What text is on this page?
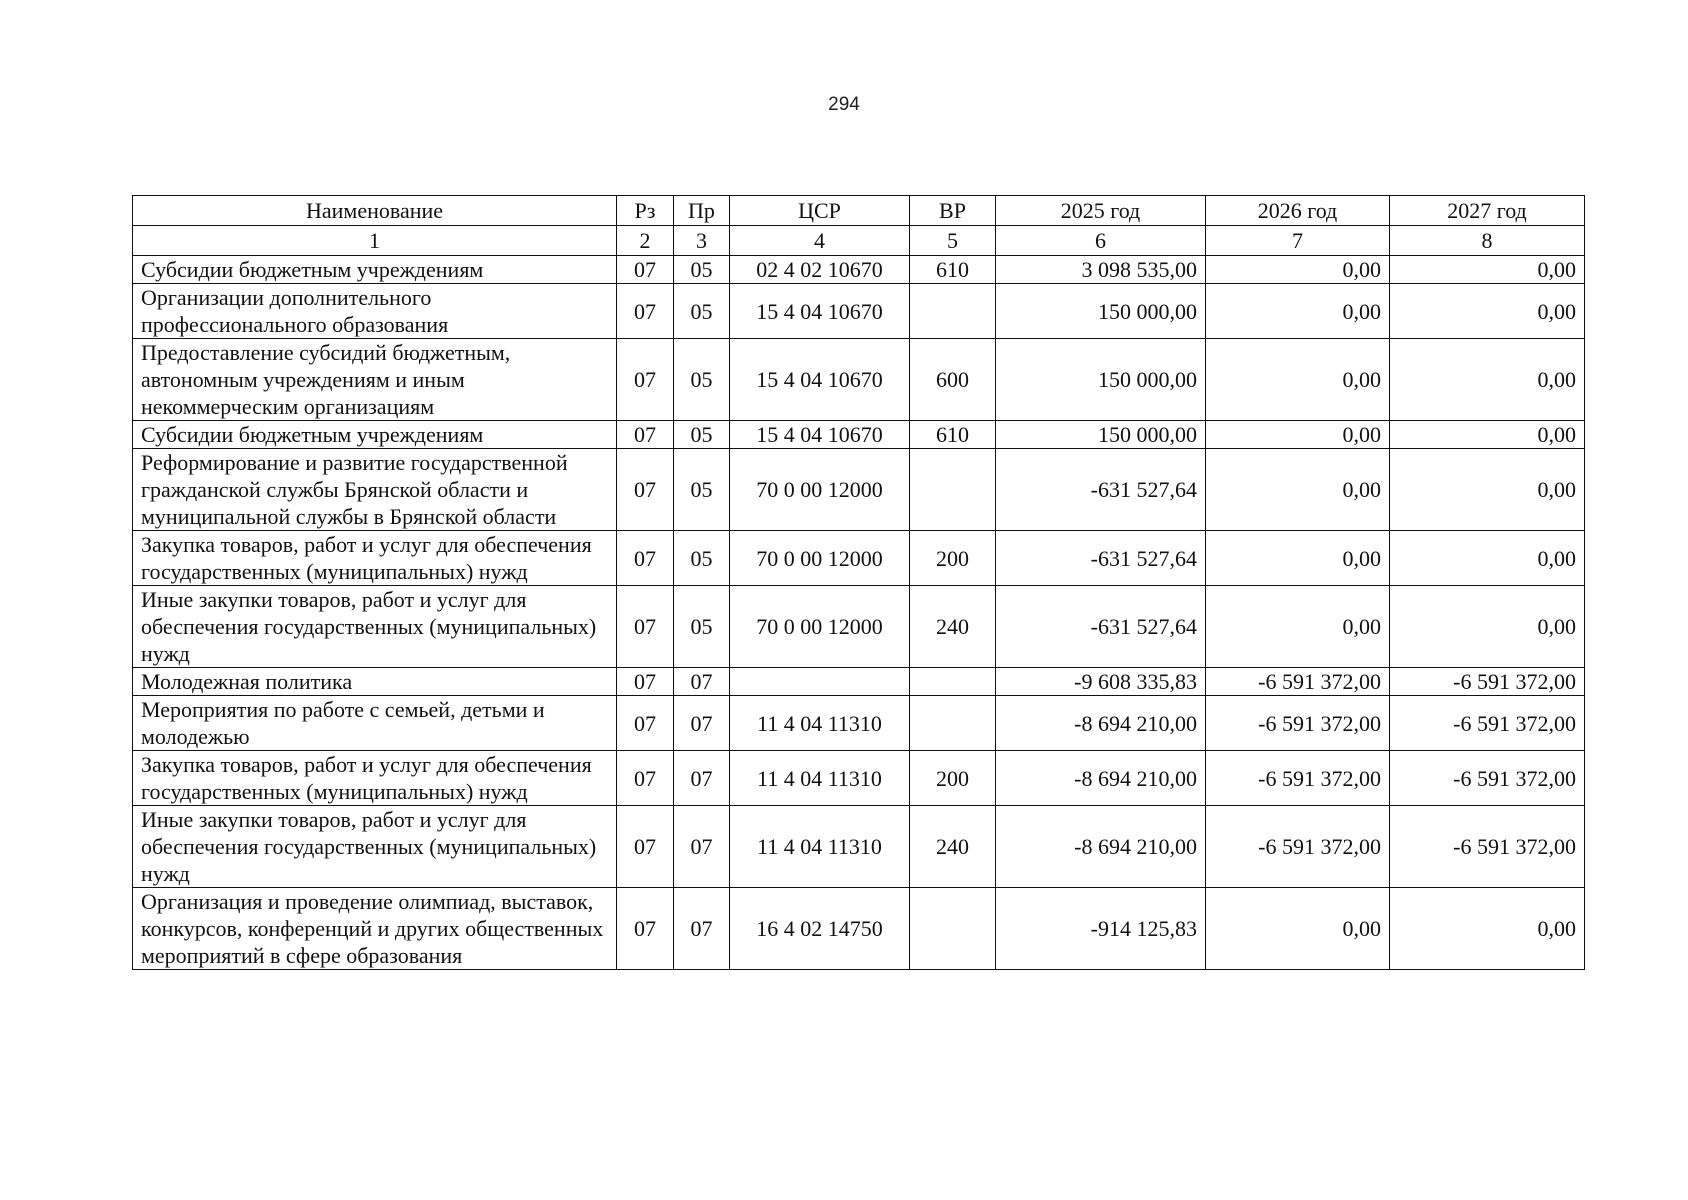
294
Наименование	Рз	Пр	ЦСР	ВР	2025 год	2026 год	2027 год
1	2	3	4	5	6	7	8
Субсидии бюджетным учреждениям	07	05	02 4 02 10670	610	3 098 535,00	0,00	0,00
Организации дополнительного профессионального образования	07	05	15 4 04 10670		150 000,00	0,00	0,00
Предоставление субсидий бюджетным, автономным учреждениям и иным некоммерческим организациям	07	05	15 4 04 10670	600	150 000,00	0,00	0,00
Субсидии бюджетным учреждениям	07	05	15 4 04 10670	610	150 000,00	0,00	0,00
Реформирование и развитие государственной гражданской службы Брянской области и муниципальной службы в Брянской области	07	05	70 0 00 12000		-631 527,64	0,00	0,00
Закупка товаров, работ и услуг для обеспечения государственных (муниципальных) нужд	07	05	70 0 00 12000	200	-631 527,64	0,00	0,00
Иные закупки товаров, работ и услуг для обеспечения государственных (муниципальных) нужд	07	05	70 0 00 12000	240	-631 527,64	0,00	0,00
Молодежная политика	07	07			-9 608 335,83	-6 591 372,00	-6 591 372,00
Мероприятия по работе с семьей, детьми и молодежью	07	07	11 4 04 11310		-8 694 210,00	-6 591 372,00	-6 591 372,00
Закупка товаров, работ и услуг для обеспечения государственных (муниципальных) нужд	07	07	11 4 04 11310	200	-8 694 210,00	-6 591 372,00	-6 591 372,00
Иные закупки товаров, работ и услуг для обеспечения государственных (муниципальных) нужд	07	07	11 4 04 11310	240	-8 694 210,00	-6 591 372,00	-6 591 372,00
Организация и проведение олимпиад, выставок, конкурсов, конференций и других общественных мероприятий в сфере образования	07	07	16 4 02 14750		-914 125,83	0,00	0,00
